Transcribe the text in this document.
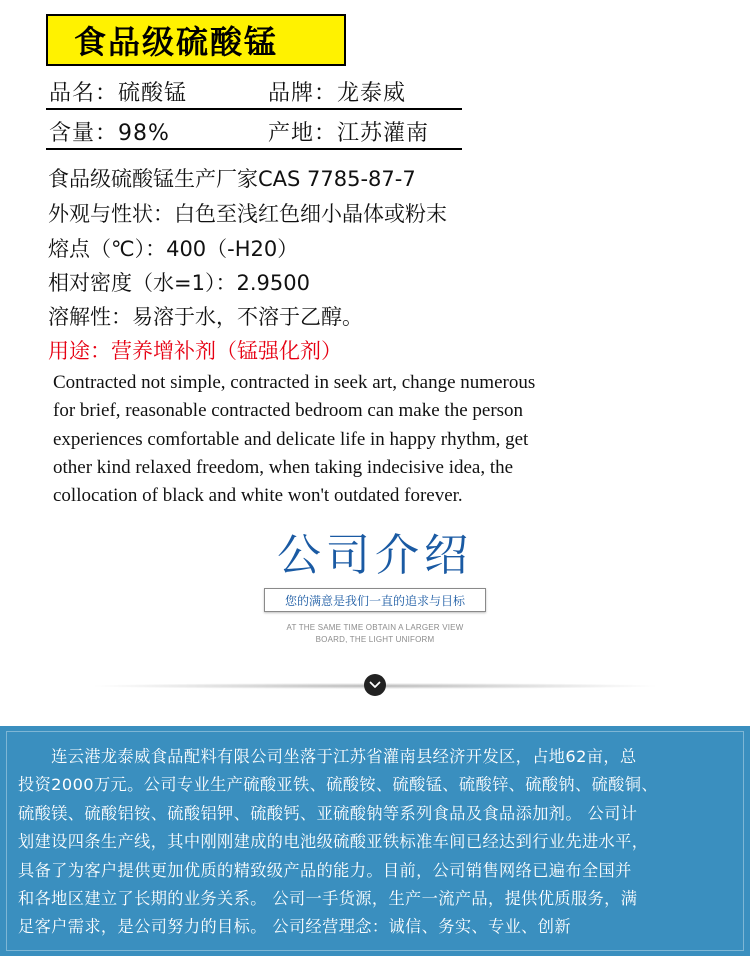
食品级硫酸锰
品名：硫酸锰	品牌：龙泰威
含量：98%	产地：江苏灌南
食品级硫酸锰生产厂家CAS 7785-87-7
外观与性状：白色至浅红色细小晶体或粉末
熔点（℃）：400（-H20）
相对密度（水=1）：2.9500
溶解性：易溶于水，不溶于乙醇。
用途：营养增补剂（锰强化剂）
Contracted not simple, contracted in seek art, change numerous
for brief, reasonable contracted bedroom can make the person
experiences comfortable and delicate life in happy rhythm, get
other kind relaxed freedom, when taking indecisive idea, the
collocation of black and white won't outdated forever.
公司介绍
您的满意是我们一直的追求与目标
AT THE SAME TIME OBTAIN A LARGER VIEW
BOARD, THE LIGHT UNIFORM
　　连云港龙泰威食品配料有限公司坐落于江苏省灌南县经济开发区，占地62亩，总
投资2000万元。公司专业生产硫酸亚铁、硫酸铵、硫酸锰、硫酸锌、硫酸钠、硫酸铜、
硫酸镁、硫酸铝铵、硫酸铝钾、硫酸钙、亚硫酸钠等系列食品及食品添加剂。 公司计
划建设四条生产线，其中刚刚建成的电池级硫酸亚铁标准车间已经达到行业先进水平，
具备了为客户提供更加优质的精致级产品的能力。目前，公司销售网络已遍布全国并
和各地区建立了长期的业务关系。 公司一手货源，生产一流产品，提供优质服务，满
足客户需求，是公司努力的目标。 公司经营理念：诚信、务实、专业、创新
